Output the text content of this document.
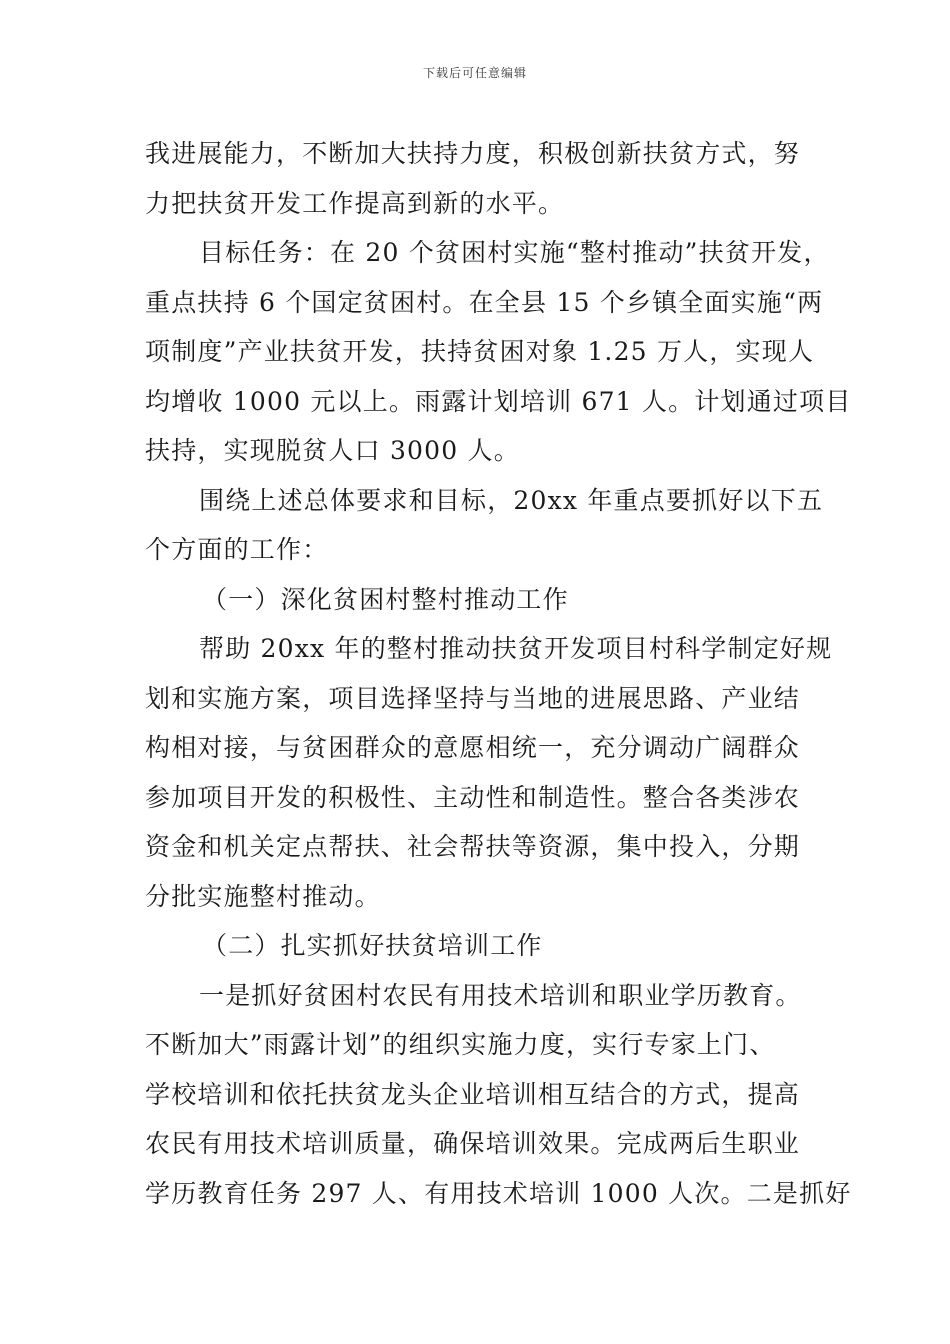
下载后可任意编辑
我进展能力，不断加大扶持力度，积极创新扶贫方式，努
力把扶贫开发工作提高到新的水平。
目标任务：在 20 个贫困村实施“整村推动”扶贫开发，
重点扶持 6 个国定贫困村。在全县 15 个乡镇全面实施“两
项制度”产业扶贫开发，扶持贫困对象 1.25 万人，实现人
均增收 1000 元以上。雨露计划培训 671 人。计划通过项目
扶持，实现脱贫人口 3000 人。
围绕上述总体要求和目标，20xx 年重点要抓好以下五
个方面的工作：
（一）深化贫困村整村推动工作
帮助 20xx 年的整村推动扶贫开发项目村科学制定好规
划和实施方案，项目选择坚持与当地的进展思路、产业结
构相对接，与贫困群众的意愿相统一，充分调动广阔群众
参加项目开发的积极性、主动性和制造性。整合各类涉农
资金和机关定点帮扶、社会帮扶等资源，集中投入，分期
分批实施整村推动。
（二）扎实抓好扶贫培训工作
一是抓好贫困村农民有用技术培训和职业学历教育。
不断加大”雨露计划”的组织实施力度，实行专家上门、
学校培训和依托扶贫龙头企业培训相互结合的方式，提高
农民有用技术培训质量，确保培训效果。完成两后生职业
学历教育任务 297 人、有用技术培训 1000 人次。二是抓好
